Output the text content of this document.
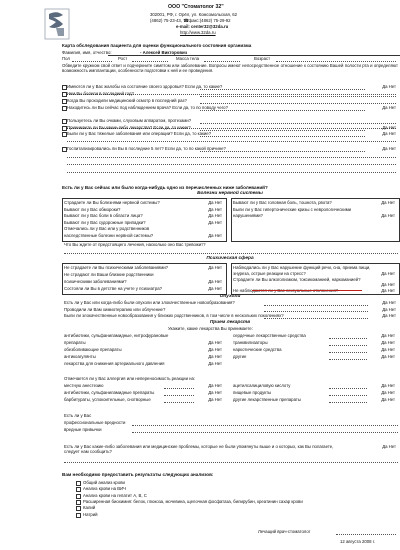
ООО "Стоматолог 32"
302001, РФ, г. Орёл, ул. Комсомольская, 62
(4862) 75-23-43, ☎факс:(4862) 75-29-92
e-mail: center32@32da.ru
http://www.32da.ru
Карта обследования пациента для оценки функционального состояния организма
Фамилия, имя, отчество:	- Алексей Викторович
Пол	Рост	Масса тела	Возраст
Обведите кружком свой ответ и подчеркните симптом или заболевание. Вопросы имеют непосредственное отношение к состоянию Вашей полости рта и определяют возможность имплантации, особенности подготовки к ней и ее проведения.
Имеются ли у Вас жалобы на состояние своего здоровья? Если да, то какие?	Да Нет
Чем Вы болели в последний год?
Когда Вы проходили медицинский осмотр в последний раз?
Находитесь ли Вы сейчас под наблюдением врача? Если да, то по поводу чего?	Да Нет
Пользуетесь ли Вы очками, слуховым аппаратом, протезами?
Принимаете ли Вы какие-либо лекарства? Если да, то какие?	Да Нет
Были ли у Вас тяжелые заболевания или операции? Если да, то какие?	Да Нет
Госпитализировались ли Вы в последние 5 лет? Если да, то по какой причине?	Да Нет
Есть ли у Вас сейчас или было когда-нибудь одно из перечисленных ниже заболеваний?
Болезни нервной системы
Страдаете ли Вы болезнями нервной системы?	Да Нет
Бывают ли у Вас обмороки?	Да Нет
Бывают ли у Вас боли в области лица?	Да Нет
Бывают ли у Вас судорожные припадки?	Да Нет
Отмечались ли у Вас или у родственников
наследственные болезни нервной системы?	Да Нет
Бывают ли у Вас головная боль, тошнота, рвота?	Да Нет
Были ли у Вас гипертонические кризы с неврологическими
нарушениями?	Да Нет
Что Вы ждете от предстоящего лечения, насколько оно Вас тревожит?
Психическая сфера
Не страдаете ли Вы психическими заболеваниями?	Да Нет
Не страдают ли Ваши близкие родственники
психическими заболеваниями?	Да Нет
Состояли ли Вы в детстве на учете у психиатра?	Да Нет
Наблюдались ли у Вас нарушение функций речи, сна, приема пищи,
энуреза, острые реакции на стресс?	Да Нет
Страдаете ли Вы алкоголизмом, токсикоманией, наркоманией?
Да Нет
Не наблюдаются ли у Вас сексуальные отклонения?	Да Нет
Опухоли
Есть ли у Вас или когда-либо были опухоли или злокачественные новообразования?	Да Нет
Проводили ли Вам химиотерапию или облучение?	Да Нет
Были ли злокачественные новообразования у близких родственников, в том числе в нескольких поколениях?	Да Нет
Прием лекарств
Укажите, какие лекарства Вы принимаете:
антибиотики, сульфаниламидные, нитрофурановые
препараты	Да Нет
обезболивающие препараты	Да Нет
антикоагулянты	Да Нет
лекарства для снижения артериального давления	Да Нет
сердечные лекарственные средства	Да Нет
транквилизаторы	Да Нет
наркотические средства	Да Нет
другие	Да Нет
Отмечается ли у Вас аллергия или непереносимость реакции на:
местную анестезию	Да Нет
антибиотики, сульфаниламидные препараты	Да Нет
барбитураты, успокоительные, снотворные	Да Нет
ацетилсалициловую кислоту	Да Нет
пищевые продукты	Да Нет
другие лекарственные препараты	Да Нет
Есть ли у Вас
профессиональные вредности
вредные привычки
Есть ли у Вас какие-либо заболевания или медицинские проблемы, которые не были упомянуты выше и о которых, как Вы полагаете, следует нам сообщить?
Да Нет
Вам необходимо предоставить результаты следующих анализов:
Общий анализ крови
Анализ крови на ВИЧ
Анализ крови на гепатит A, B, C
Расширенная биохимия: белок, глюкоза, мочевина, щелочная фосфатаза, билирубин, креатинин сахар крови
Калий
Натрий
Лечащий врач-стоматолог
12 августа 2008 г.
